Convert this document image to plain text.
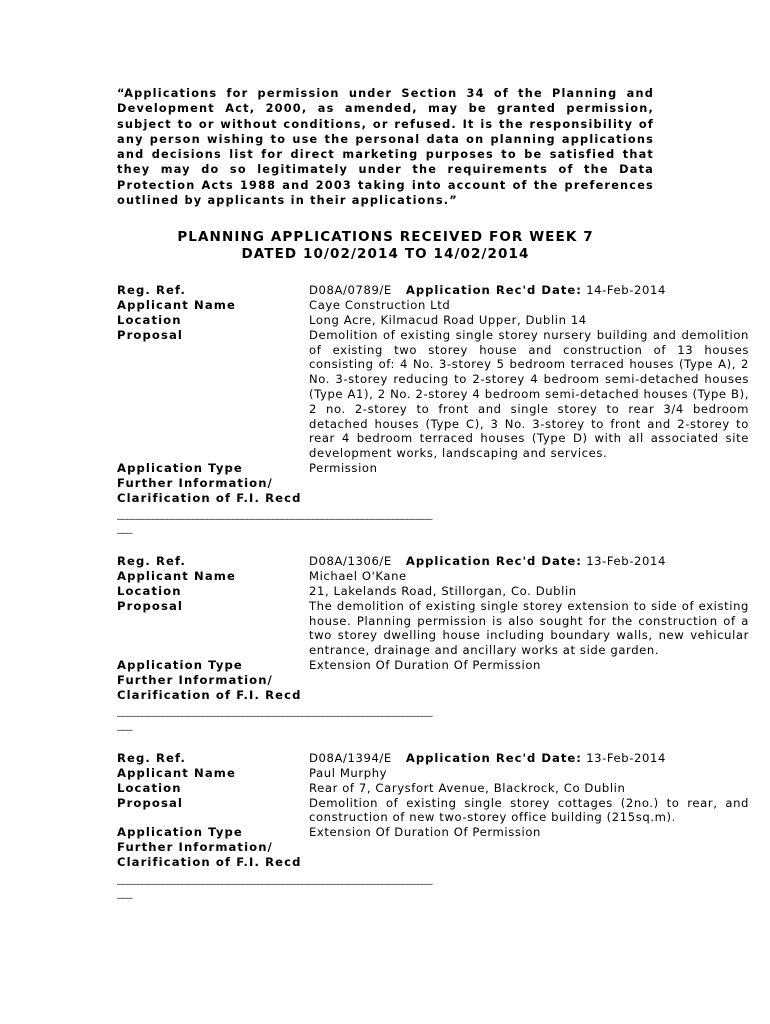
“Applications for permission under Section 34 of the Planning and Development Act, 2000, as amended, may be granted permission, subject to or without conditions, or refused. It is the responsibility of any person wishing to use the personal data on planning applications and decisions list for direct marketing purposes to be satisfied that they may do so legitimately under the requirements of the Data Protection Acts 1988 and 2003 taking into account of the preferences outlined by applicants in their applications.”

PLANNING APPLICATIONS RECEIVED FOR WEEK 7
DATED 10/02/2014 TO 14/02/2014
Reg. Ref.	D08A/0789/E Application Rec'd Date: 14-Feb-2014
Applicant Name	Caye Construction Ltd
Location	Long Acre, Kilmacud Road Upper, Dublin 14
Proposal	Demolition of existing single storey nursery building and demolition of existing two storey house and construction of 13 houses consisting of: 4 No. 3-storey 5 bedroom terraced houses (Type A), 2 No. 3-storey reducing to 2-storey 4 bedroom semi-detached houses (Type A1), 2 No. 2-storey 4 bedroom semi-detached houses (Type B), 2 no. 2-storey to front and single storey to rear 3/4 bedroom detached houses (Type C), 3 No. 3-storey to front and 2-storey to rear 4 bedroom terraced houses (Type D) with all associated site development works, landscaping and services.
Application Type	Permission
Further Information/
Clarification of F.I. Recd
_______________________________________________________________
___
Reg. Ref.	D08A/1306/E Application Rec'd Date: 13-Feb-2014
Applicant Name	Michael O'Kane
Location	21, Lakelands Road, Stillorgan, Co. Dublin
Proposal	The demolition of existing single storey extension to side of existing house. Planning permission is also sought for the construction of a two storey dwelling house including boundary walls, new vehicular entrance, drainage and ancillary works at side garden.
Application Type	Extension Of Duration Of Permission
Further Information/
Clarification of F.I. Recd
_______________________________________________________________
___
Reg. Ref.	D08A/1394/E Application Rec'd Date: 13-Feb-2014
Applicant Name	Paul Murphy
Location	Rear of 7, Carysfort Avenue, Blackrock, Co Dublin
Proposal	Demolition of existing single storey cottages (2no.) to rear, and construction of new two-storey office building (215sq.m).
Application Type	Extension Of Duration Of Permission
Further Information/
Clarification of F.I. Recd
_______________________________________________________________
___
